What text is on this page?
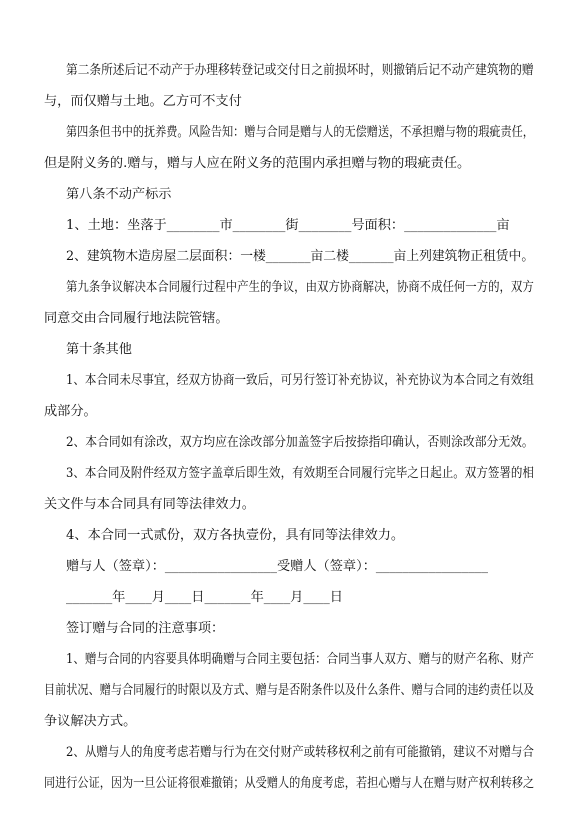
第二条所述后记不动产于办理移转登记或交付日之前损坏时，则撤销后记不动产建筑物的赠
与，而仅赠与土地。乙方可不支付
第四条但书中的抚养费。风险告知：赠与合同是赠与人的无偿赠送，不承担赠与物的瑕疵责任，
但是附义务的.赠与，赠与人应在附义务的范围内承担赠与物的瑕疵责任。
第八条不动产标示
1、土地：坐落于________市________街________号面积：______________亩
2、建筑物木造房屋二层面积：一楼_______亩二楼_______亩上列建筑物正租赁中。
第九条争议解决本合同履行过程中产生的争议，由双方协商解决，协商不成任何一方的，双方
同意交由合同履行地法院管辖。
第十条其他
1、本合同未尽事宜，经双方协商一致后，可另行签订补充协议，补充协议为本合同之有效组
成部分。
2、本合同如有涂改，双方均应在涂改部分加盖签字后按捺指印确认，否则涂改部分无效。
3、本合同及附件经双方签字盖章后即生效，有效期至合同履行完毕之日起止。双方签署的相
关文件与本合同具有同等法律效力。
4、本合同一式贰份，双方各执壹份，具有同等法律效力。
赠与人（签章）：_________________受赠人（签章）：_________________
_______年____月____日_______年____月____日
签订赠与合同的注意事项：
1、赠与合同的内容要具体明确赠与合同主要包括：合同当事人双方、赠与的财产名称、财产
目前状况、赠与合同履行的时限以及方式、赠与是否附条件以及什么条件、赠与合同的违约责任以及
争议解决方式。
2、从赠与人的角度考虑若赠与行为在交付财产或转移权利之前有可能撤销，建议不对赠与合
同进行公证，因为一旦公证将很难撤销；从受赠人的角度考虑，若担心赠与人在赠与财产权利转移之
